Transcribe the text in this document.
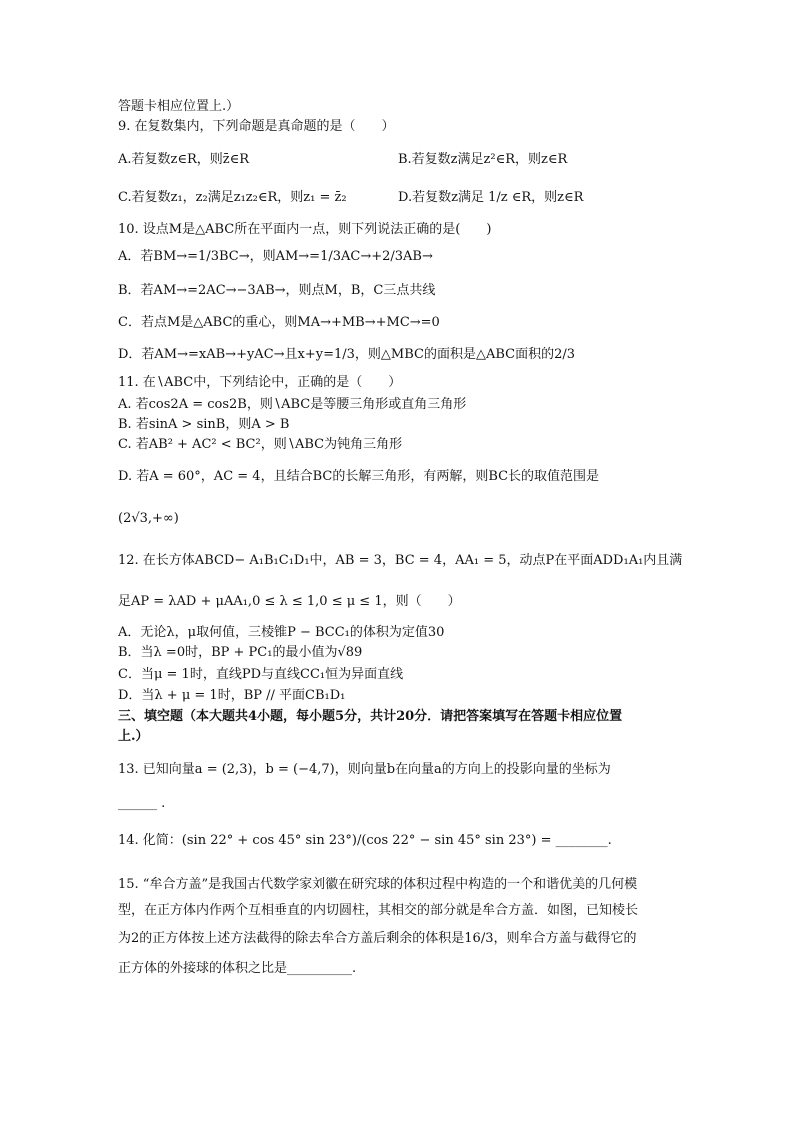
答题卡相应位置上.）
9. 在复数集内，下列命题是真命题的是（　　）
A.若复数z∈R，则z̄∈R	B.若复数z满足z²∈R，则z∈R
C.若复数z₁，z₂满足z₁z₂∈R，则z₁ = z̄₂	D.若复数z满足 1/z ∈R，则z∈R
10. 设点M是△ABC所在平面内一点，则下列说法正确的是(　　)
A．若BM→=1/3BC→，则AM→=1/3AC→+2/3AB→
B．若AM→=2AC→−3AB→，则点M，B，C三点共线
C．若点M是△ABC的重心，则MA→+MB→+MC→=0
D．若AM→=xAB→+yAC→且x+y=1/3，则△MBC的面积是△ABC面积的2/3
11. 在∖ABC中，下列结论中，正确的是（　　）
A. 若cos2A = cos2B，则∖ABC是等腰三角形或直角三角形
B. 若sinA > sinB，则A > B
C. 若AB² + AC² < BC²，则∖ABC为钝角三角形
D. 若A = 60°，AC = 4，且结合BC的长解三角形，有两解，则BC长的取值范围是
(2√3,+∞)
12. 在长方体ABCD− A₁B₁C₁D₁中，AB = 3，BC = 4，AA₁ = 5，动点P在平面ADD₁A₁内且满
足AP = λAD + μAA₁,0 ≤ λ ≤ 1,0 ≤ μ ≤ 1，则（　　）
A．无论λ，μ取何值，三棱锥P − BCC₁的体积为定值30
B．当λ =0时，BP + PC₁的最小值为√89
C．当μ = 1时，直线PD与直线CC₁恒为异面直线
D．当λ + μ = 1时，BP // 平面CB₁D₁
三、填空题（本大题共4小题，每小题5分，共计20分．请把答案填写在答题卡相应位置
上.）
13. 已知向量a = (2,3)，b = (−4,7)，则向量b在向量a的方向上的投影向量的坐标为
______ .
14. 化简：(sin 22° + cos 45° sin 23°)/(cos 22° − sin 45° sin 23°) = ________.
15. “牟合方盖”是我国古代数学家刘徽在研究球的体积过程中构造的一个和谐优美的几何模
型，在正方体内作两个互相垂直的内切圆柱，其相交的部分就是牟合方盖．如图，已知棱长
为2的正方体按上述方法截得的除去牟合方盖后剩余的体积是16/3，则牟合方盖与截得它的
正方体的外接球的体积之比是__________.
